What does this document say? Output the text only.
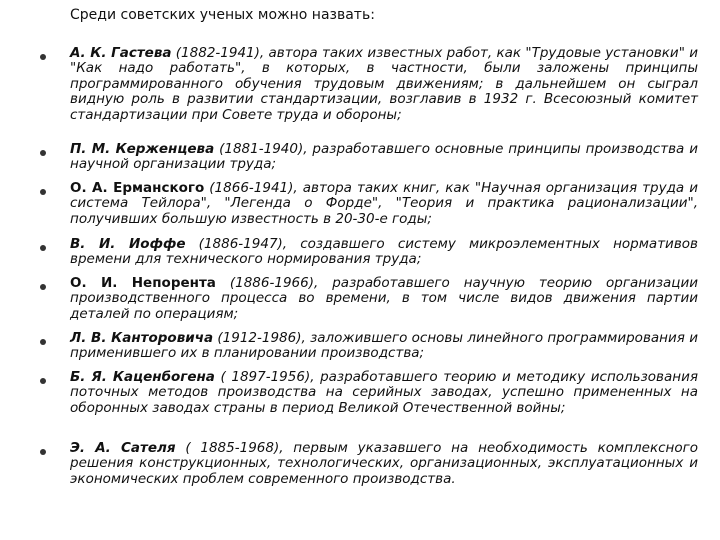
Среди советских ученых можно назвать:
А. К. Гастева (1882-1941), автора таких известных работ, как "Трудовые установки" и "Как надо работать", в которых, в частности, были заложены принципы программированного обучения трудовым движениям; в дальнейшем он сыграл видную роль в развитии стандартизации, возглавив в 1932 г. Всесоюзный комитет стандартизации при Совете труда и обороны;
П. М. Керженцева (1881-1940), разработавшего основные принципы производства и научной организации труда;
О. А. Ерманского (1866-1941), автора таких книг, как "Научная организация труда и система Тейлора", "Легенда о Форде", "Теория и практика рационализации", получивших большую известность в 20-30-е годы;
В. И. Иоффе (1886-1947), создавшего систему микроэлементных нормативов времени для технического нормирования труда;
О. И. Непорента (1886-1966), разработавшего научную теорию организации производственного процесса во времени, в том числе видов движения партии деталей по операциям;
Л. В. Канторовича (1912-1986), заложившего основы линейного программирования и применившего их в планировании производства;
Б. Я. Каценбогена ( 1897-1956), разработавшего теорию и методику использования поточных методов производства на серийных заводах, успешно примененных на оборонных заводах страны в период Великой Отечественной войны;
Э. А. Сателя ( 1885-1968), первым указавшего на необходимость комплексного решения конструкционных, технологических, организационных, эксплуатационных и экономических проблем современного производства.
